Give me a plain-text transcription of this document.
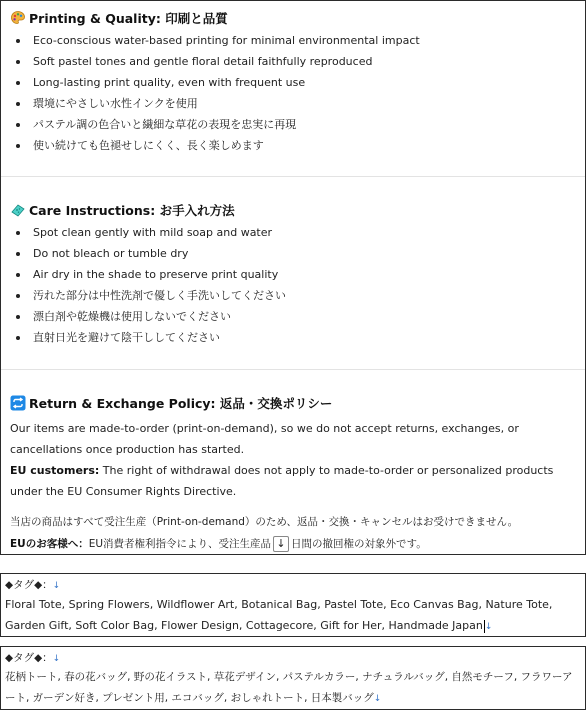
Printing & Quality: 印刷と品質
Eco-conscious water-based printing for minimal environmental impact
Soft pastel tones and gentle floral detail faithfully reproduced
Long-lasting print quality, even with frequent use
環境にやさしい水性インクを使用
パステル調の色合いと繊細な草花の表現を忠実に再現
使い続けても色褪せしにくく、長く楽しめます
Care Instructions: お手入れ方法
Spot clean gently with mild soap and water
Do not bleach or tumble dry
Air dry in the shade to preserve print quality
汚れた部分は中性洗剤で優しく手洗いしてください
漂白剤や乾燥機は使用しないでください
直射日光を避けて陰干ししてください
Return & Exchange Policy: 返品・交換ポリシー
Our items are made-to-order (print-on-demand), so we do not accept returns, exchanges, or cancellations once production has started.
EU customers: The right of withdrawal does not apply to made-to-order or personalized products under the EU Consumer Rights Directive.
当店の商品はすべて受注生産（Print-on-demand）のため、返品・交換・キャンセルはお受けできません。
EUのお客様へ：EU消費者権利指令により、受注生産品 ↓ 日間の撤回権の対象外です。
◆タグ◆：↓
Floral Tote, Spring Flowers, Wildflower Art, Botanical Bag, Pastel Tote, Eco Canvas Bag, Nature Tote, Garden Gift, Soft Color Bag, Flower Design, Cottagecore, Gift for Her, Handmade Japan ↓
◆タグ◆：↓
花柄トート, 春の花バッグ, 野の花イラスト, 草花デザイン, パステルカラー, ナチュラルバッグ, 自然モチーフ, フラワーアート, ガーデン好き, プレゼント用, エコバッグ, おしゃれトート, 日本製バッグ↓
